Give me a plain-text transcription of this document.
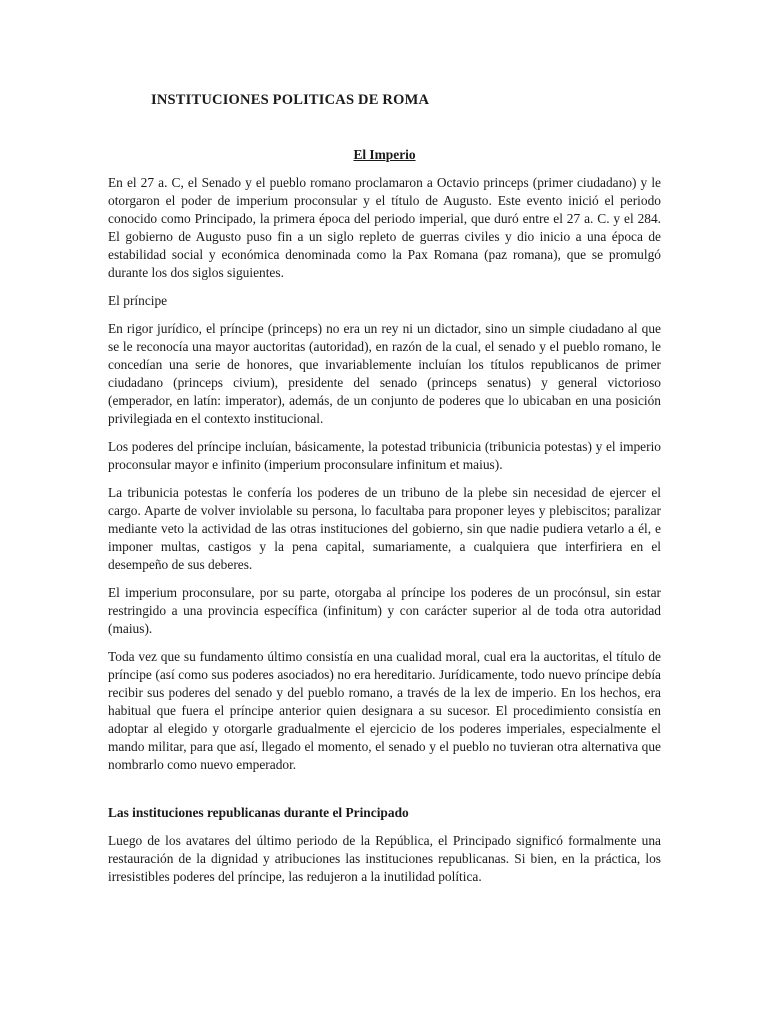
INSTITUCIONES POLITICAS DE ROMA
El Imperio

En el 27 a. C, el Senado y el pueblo romano proclamaron a Octavio princeps (primer ciudadano) y le otorgaron el poder de imperium proconsular y el título de Augusto. Este evento inició el periodo conocido como Principado, la primera época del periodo imperial, que duró entre el 27 a. C. y el 284. El gobierno de Augusto puso fin a un siglo repleto de guerras civiles y dio inicio a una época de estabilidad social y económica denominada como la Pax Romana (paz romana), que se promulgó durante los dos siglos siguientes.

El príncipe

En rigor jurídico, el príncipe (princeps) no era un rey ni un dictador, sino un simple ciudadano al que se le reconocía una mayor auctoritas (autoridad), en razón de la cual, el senado y el pueblo romano, le concedían una serie de honores, que invariablemente incluían los títulos republicanos de primer ciudadano (princeps civium), presidente del senado (princeps senatus) y general victorioso (emperador, en latín: imperator), además, de un conjunto de poderes que lo ubicaban en una posición privilegiada en el contexto institucional.

Los poderes del príncipe incluían, básicamente, la potestad tribunicia (tribunicia potestas) y el imperio proconsular mayor e infinito (imperium proconsulare infinitum et maius).

La tribunicia potestas le confería los poderes de un tribuno de la plebe sin necesidad de ejercer el cargo. Aparte de volver inviolable su persona, lo facultaba para proponer leyes y plebiscitos; paralizar mediante veto la actividad de las otras instituciones del gobierno, sin que nadie pudiera vetarlo a él, e imponer multas, castigos y la pena capital, sumariamente, a cualquiera que interfiriera en el desempeño de sus deberes.

El imperium proconsulare, por su parte, otorgaba al príncipe los poderes de un procónsul, sin estar restringido a una provincia específica (infinitum) y con carácter superior al de toda otra autoridad (maius).

Toda vez que su fundamento último consistía en una cualidad moral, cual era la auctoritas, el título de príncipe (así como sus poderes asociados) no era hereditario. Jurídicamente, todo nuevo príncipe debía recibir sus poderes del senado y del pueblo romano, a través de la lex de imperio. En los hechos, era habitual que fuera el príncipe anterior quien designara a su sucesor. El procedimiento consistía en adoptar al elegido y otorgarle gradualmente el ejercicio de los poderes imperiales, especialmente el mando militar, para que así, llegado el momento, el senado y el pueblo no tuvieran otra alternativa que nombrarlo como nuevo emperador.

Las instituciones republicanas durante el Principado

Luego de los avatares del último periodo de la República, el Principado significó formalmente una restauración de la dignidad y atribuciones las instituciones republicanas. Si bien, en la práctica, los irresistibles poderes del príncipe, las redujeron a la inutilidad política.
